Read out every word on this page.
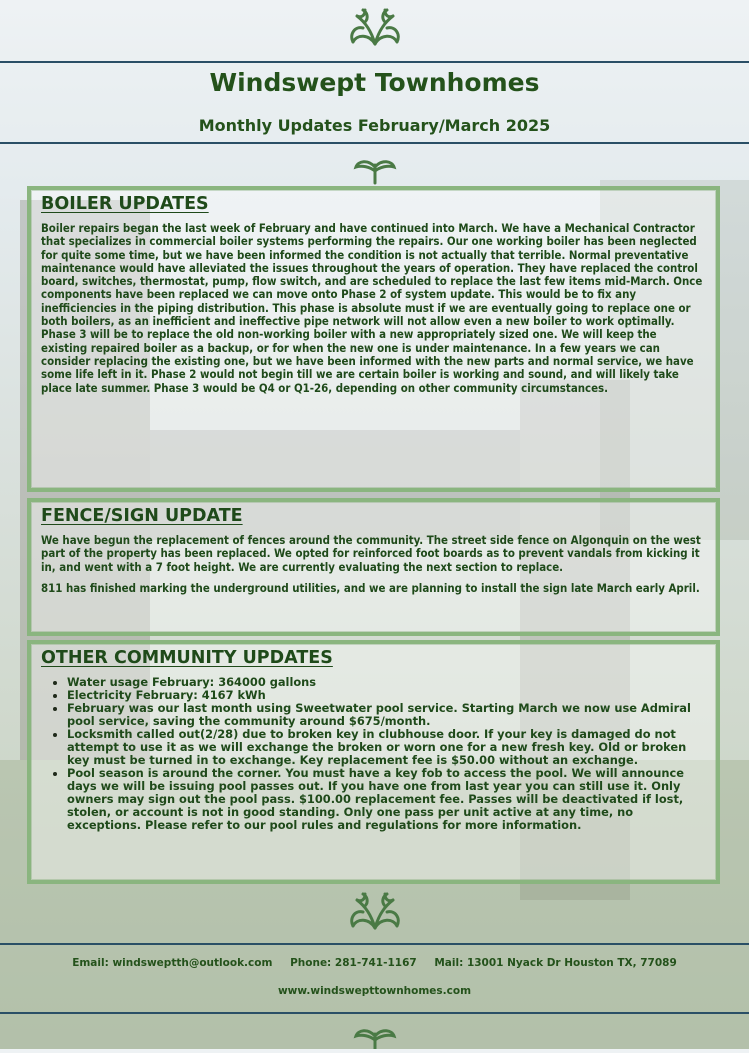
Windswept Townhomes
Monthly Updates February/March 2025
BOILER UPDATES

Boiler repairs began the last week of February and have continued into March. We have a Mechanical Contractor that specializes in commercial boiler systems performing the repairs. Our one working boiler has been neglected for quite some time, but we have been informed the condition is not actually that terrible. Normal preventative maintenance would have alleviated the issues throughout the years of operation. They have replaced the control board, switches, thermostat, pump, flow switch, and are scheduled to replace the last few items mid-March. Once components have been replaced we can move onto Phase 2 of system update. This would be to fix any inefficiencies in the piping distribution. This phase is absolute must if we are eventually going to replace one or both boilers, as an inefficient and ineffective pipe network will not allow even a new boiler to work optimally. Phase 3 will be to replace the old non-working boiler with a new appropriately sized one. We will keep the existing repaired boiler as a backup, or for when the new one is under maintenance. In a few years we can consider replacing the existing one, but we have been informed with the new parts and normal service, we have some life left in it. Phase 2 would not begin till we are certain boiler is working and sound, and will likely take place late summer. Phase 3 would be Q4 or Q1-26, depending on other community circumstances.

FENCE/SIGN UPDATE

We have begun the replacement of fences around the community. The street side fence on Algonquin on the west part of the property has been replaced. We opted for reinforced foot boards as to prevent vandals from kicking it in, and went with a 7 foot height. We are currently evaluating the next section to replace.

811 has finished marking the underground utilities, and we are planning to install the sign late March early April.

OTHER COMMUNITY UPDATES
• Water usage February: 364000 gallons
• Electricity February: 4167 kWh
• February was our last month using Sweetwater pool service. Starting March we now use Admiral pool service, saving the community around $675/month.
• Locksmith called out(2/28) due to broken key in clubhouse door. If your key is damaged do not attempt to use it as we will exchange the broken or worn one for a new fresh key. Old or broken key must be turned in to exchange. Key replacement fee is $50.00 without an exchange.
• Pool season is around the corner. You must have a key fob to access the pool. We will announce days we will be issuing pool passes out. If you have one from last year you can still use it. Only owners may sign out the pool pass. $100.00 replacement fee. Passes will be deactivated if lost, stolen, or account is not in good standing. Only one pass per unit active at any time, no exceptions. Please refer to our pool rules and regulations for more information.
Email: windsweptth@outlook.com Phone: 281-741-1167 Mail: 13001 Nyack Dr Houston TX, 77089
www.windswepttownhomes.com
